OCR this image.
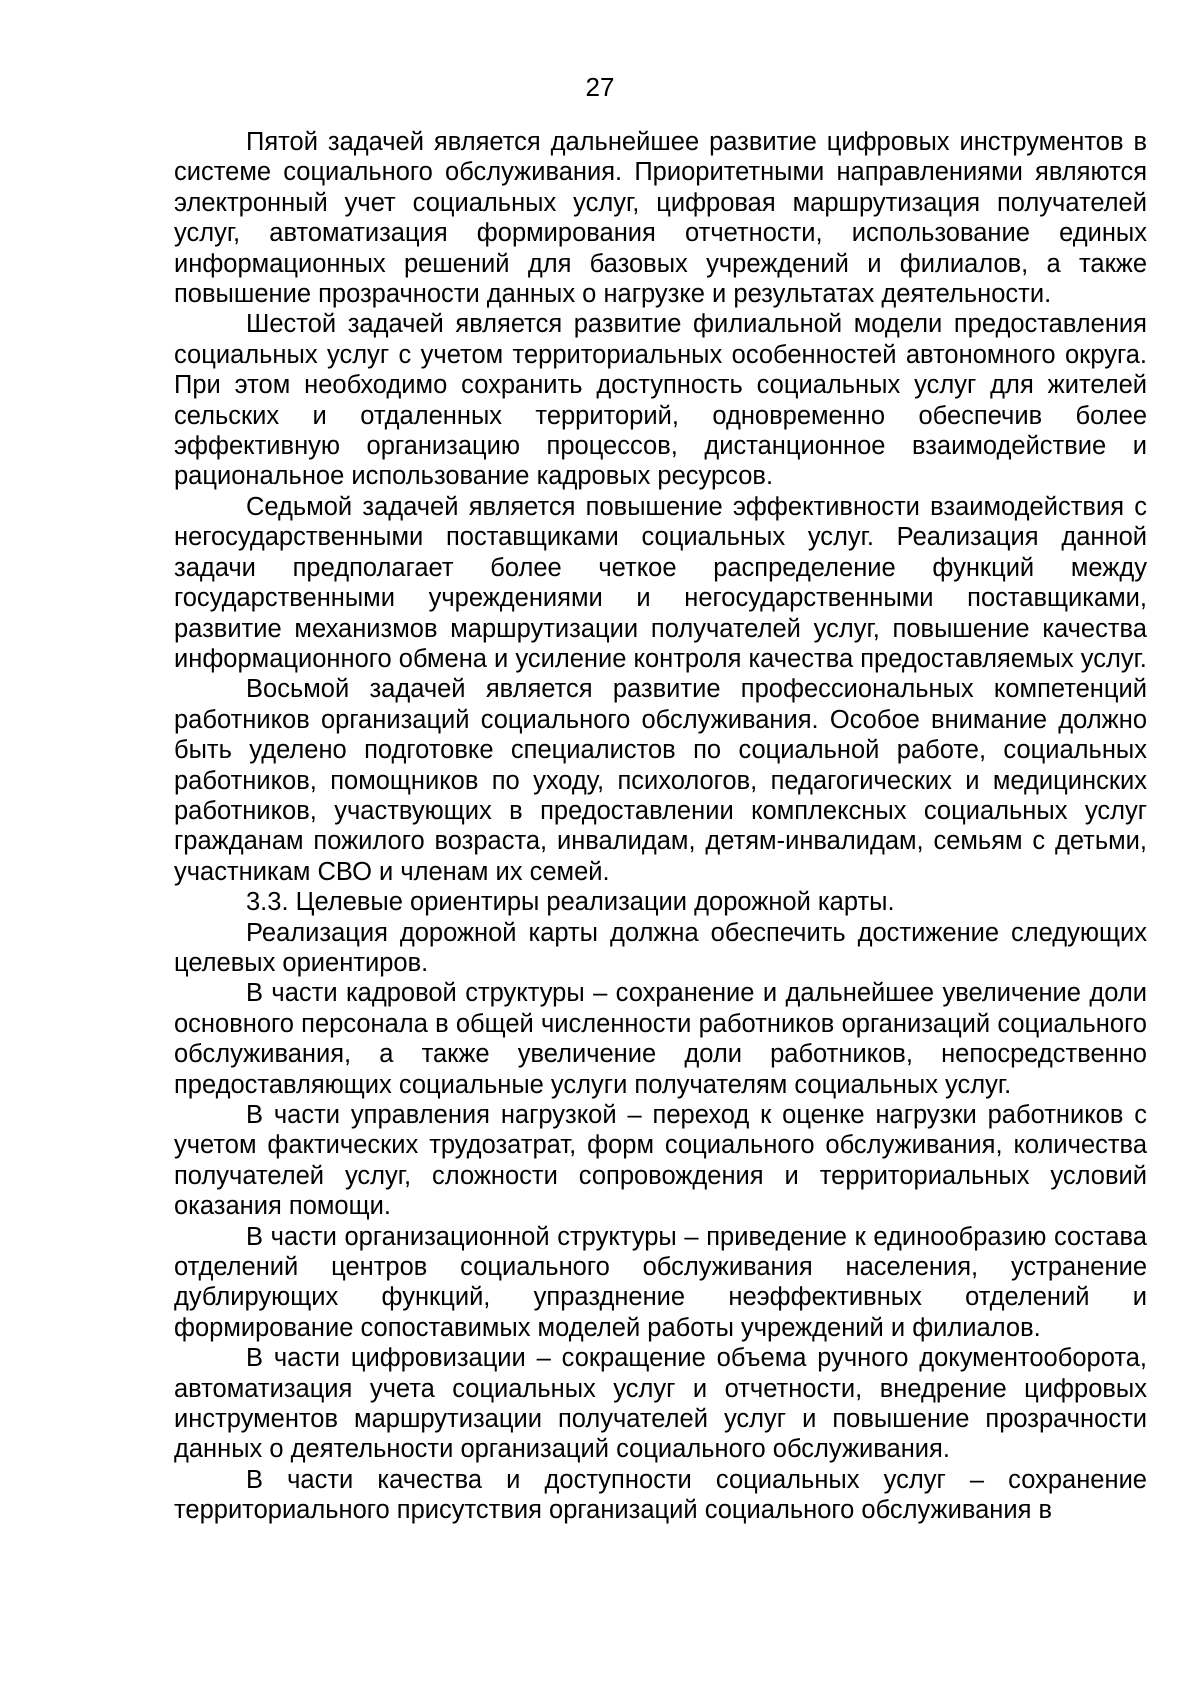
27

Пятой задачей является дальнейшее развитие цифровых инструментов в системе социального обслуживания. Приоритетными направлениями являются электронный учет социальных услуг, цифровая маршрутизация получателей услуг, автоматизация формирования отчетности, использование единых информационных решений для базовых учреждений и филиалов, а также повышение прозрачности данных о нагрузке и результатах деятельности.

Шестой задачей является развитие филиальной модели предоставления социальных услуг с учетом территориальных особенностей автономного округа. При этом необходимо сохранить доступность социальных услуг для жителей сельских и отдаленных территорий, одновременно обеспечив более эффективную организацию процессов, дистанционное взаимодействие и рациональное использование кадровых ресурсов.

Седьмой задачей является повышение эффективности взаимодействия с негосударственными поставщиками социальных услуг. Реализация данной задачи предполагает более четкое распределение функций между государственными учреждениями и негосударственными поставщиками, развитие механизмов маршрутизации получателей услуг, повышение качества информационного обмена и усиление контроля качества предоставляемых услуг.

Восьмой задачей является развитие профессиональных компетенций работников организаций социального обслуживания. Особое внимание должно быть уделено подготовке специалистов по социальной работе, социальных работников, помощников по уходу, психологов, педагогических и медицинских работников, участвующих в предоставлении комплексных социальных услуг гражданам пожилого возраста, инвалидам, детям-инвалидам, семьям с детьми, участникам СВО и членам их семей.

3.3. Целевые ориентиры реализации дорожной карты.

Реализация дорожной карты должна обеспечить достижение следующих целевых ориентиров.

В части кадровой структуры – сохранение и дальнейшее увеличение доли основного персонала в общей численности работников организаций социального обслуживания, а также увеличение доли работников, непосредственно предоставляющих социальные услуги получателям социальных услуг.

В части управления нагрузкой – переход к оценке нагрузки работников с учетом фактических трудозатрат, форм социального обслуживания, количества получателей услуг, сложности сопровождения и территориальных условий оказания помощи.

В части организационной структуры – приведение к единообразию состава отделений центров социального обслуживания населения, устранение дублирующих функций, упразднение неэффективных отделений и формирование сопоставимых моделей работы учреждений и филиалов.

В части цифровизации – сокращение объема ручного документооборота, автоматизация учета социальных услуг и отчетности, внедрение цифровых инструментов маршрутизации получателей услуг и повышение прозрачности данных о деятельности организаций социального обслуживания.

В части качества и доступности социальных услуг – сохранение территориального присутствия организаций социального обслуживания в
